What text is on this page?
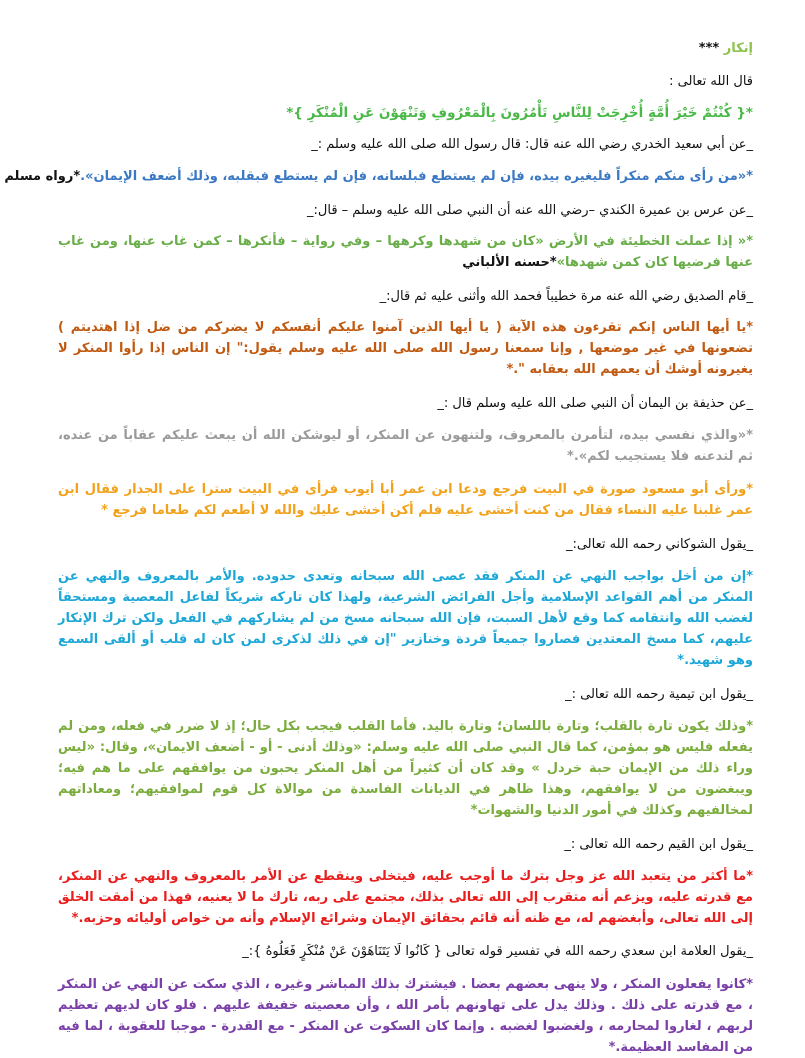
إنكار ***

قال الله تعالى :

*{ كُنْتُمْ خَيْرَ أُمَّةٍ أُخْرِجَتْ لِلنَّاسِ تَأْمُرُونَ بِالْمَعْرُوفِ وَتَنْهَوْنَ عَنِ الْمُنْكَرِ }*

_عن أبي سعيد الخدري رضي الله عنه قال: قال رسول الله صلى الله عليه وسلم :_

*«من رأى منكم منكراً فليغيره بيده، فإن لم يستطع فبلسانه، فإن لم يستطع فبقلبه، وذلك أضعف الإيمان».*رواه مسلم

_عن عرس بن عميرة الكندي –رضي الله عنه أن النبي صلى الله عليه وسلم – قال:_

*« إذا عملت الخطيئة في الأرض «كان من شهدها وكرهها – وفي رواية – فأنكرها – كمن غاب عنها، ومن غاب عنها فرضيها كان كمن شهدها»*حسنه الألباني

_قام الصديق رضي الله عنه مرة خطيباً فحمد الله وأثنى عليه ثم قال:_

*يا أيها الناس إنكم تقرءون هذه الآية ( يا أيها الذين آمنوا عليكم أنفسكم لا يضركم من ضل إذا اهتديتم ) تضعونها في غير موضعها , وإنا سمعنا رسول الله صلى الله عليه وسلم يقول:" إن الناس إذا رأوا المنكر لا يغيرونه أوشك أن يعمهم الله بعقابه ".*

_عن حذيفة بن اليمان أن النبي صلى الله عليه وسلم قال :_

*«والذي نفسي بيده، لتأمرن بالمعروف، ولتنهون عن المنكر، أو ليوشكن الله أن يبعث عليكم عقاباً من عنده، ثم لتدعنه فلا يستجيب لكم».*

*ورأى أبو مسعود صورة في البيت فرجع ودعا ابن عمر أبا أيوب فرأى في البيت سترا على الجدار فقال ابن عمر غلبنا عليه النساء فقال من كنت أخشى عليه فلم أكن أخشى عليك والله لا أطعم لكم طعاما فرجع *

_يقول الشوكاني رحمه الله تعالى:_

*إن من أخل بواجب النهي عن المنكر فقد عصى الله سبحانه وتعدى حدوده. والأمر بالمعروف والنهي عن المنكر من أهم القواعد الإسلامية وأجل الفرائض الشرعية، ولهذا كان تاركه شريكاً لفاعل المعصية ومستحقاً لغضب الله وانتقامه كما وقع لأهل السبت، فإن الله سبحانه مسخ من لم يشاركهم في الفعل ولكن ترك الإنكار عليهم، كما مسخ المعتدين فصاروا جميعاً قردة وخنازير "إن في ذلك لذكرى لمن كان له قلب أو ألقى السمع وهو شهيد.*

_يقول ابن تيمية رحمه الله تعالى :_

*وذلك يكون تارة بالقلب؛ وتارة باللسان؛ وتارة باليد. فأما القلب فيجب بكل حال؛ إذ لا ضرر في فعله، ومن لم يفعله فليس هو بمؤمن، كما قال النبي صلى الله عليه وسلم: «وذلك أدنى - أو - أضعف الايمان»، وقال: «ليس وراء ذلك من الإيمان حبة خردل » وقد كان أن كثيراً من أهل المنكر يحبون من يوافقهم على ما هم فيه؛ ويبغضون من لا يوافقهم، وهذا ظاهر في الديانات الفاسدة من موالاة كل قوم لموافقيهم؛ ومعاداتهم لمخالفيهم وكذلك في أمور الدنيا والشهوات*

_يقول ابن القيم رحمه الله تعالى :_

*ما أكثر من يتعبد الله عز وجل بترك ما أوجب عليه، فيتخلى وينقطع عن الأمر بالمعروف والنهي عن المنكر، مع قدرته عليه، ويزعم أنه متقرب إلى الله تعالى بذلك، مجتمع على ربه، تارك ما لا يعنيه، فهذا من أمقت الخلق إلى الله تعالى، وأبغضهم له، مع ظنه أنه قائم بحقائق الإيمان وشرائع الإسلام وأنه من خواص أوليائه وحزبه.*

_يقول العلامة ابن سعدي رحمه الله في تفسير قوله تعالى { كَانُوا لَا يَتَنَاهَوْنَ عَنْ مُنْكَرٍ فَعَلُوهُ }:_

*كانوا يفعلون المنكر ، ولا ينهى بعضهم بعضا . فيشترك بذلك المباشر وغيره ، الذي سكت عن النهي عن المنكر ، مع قدرته على ذلك . وذلك يدل على تهاونهم بأمر الله ، وأن معصيته خفيفة عليهم . فلو كان لديهم تعظيم لربهم ، لغاروا لمحارمه ، ولغضبوا لغضبه . وإنما كان السكوت عن المنكر - مع القدرة - موجبا للعقوبة ، لما فيه من المفاسد العظيمة.*
